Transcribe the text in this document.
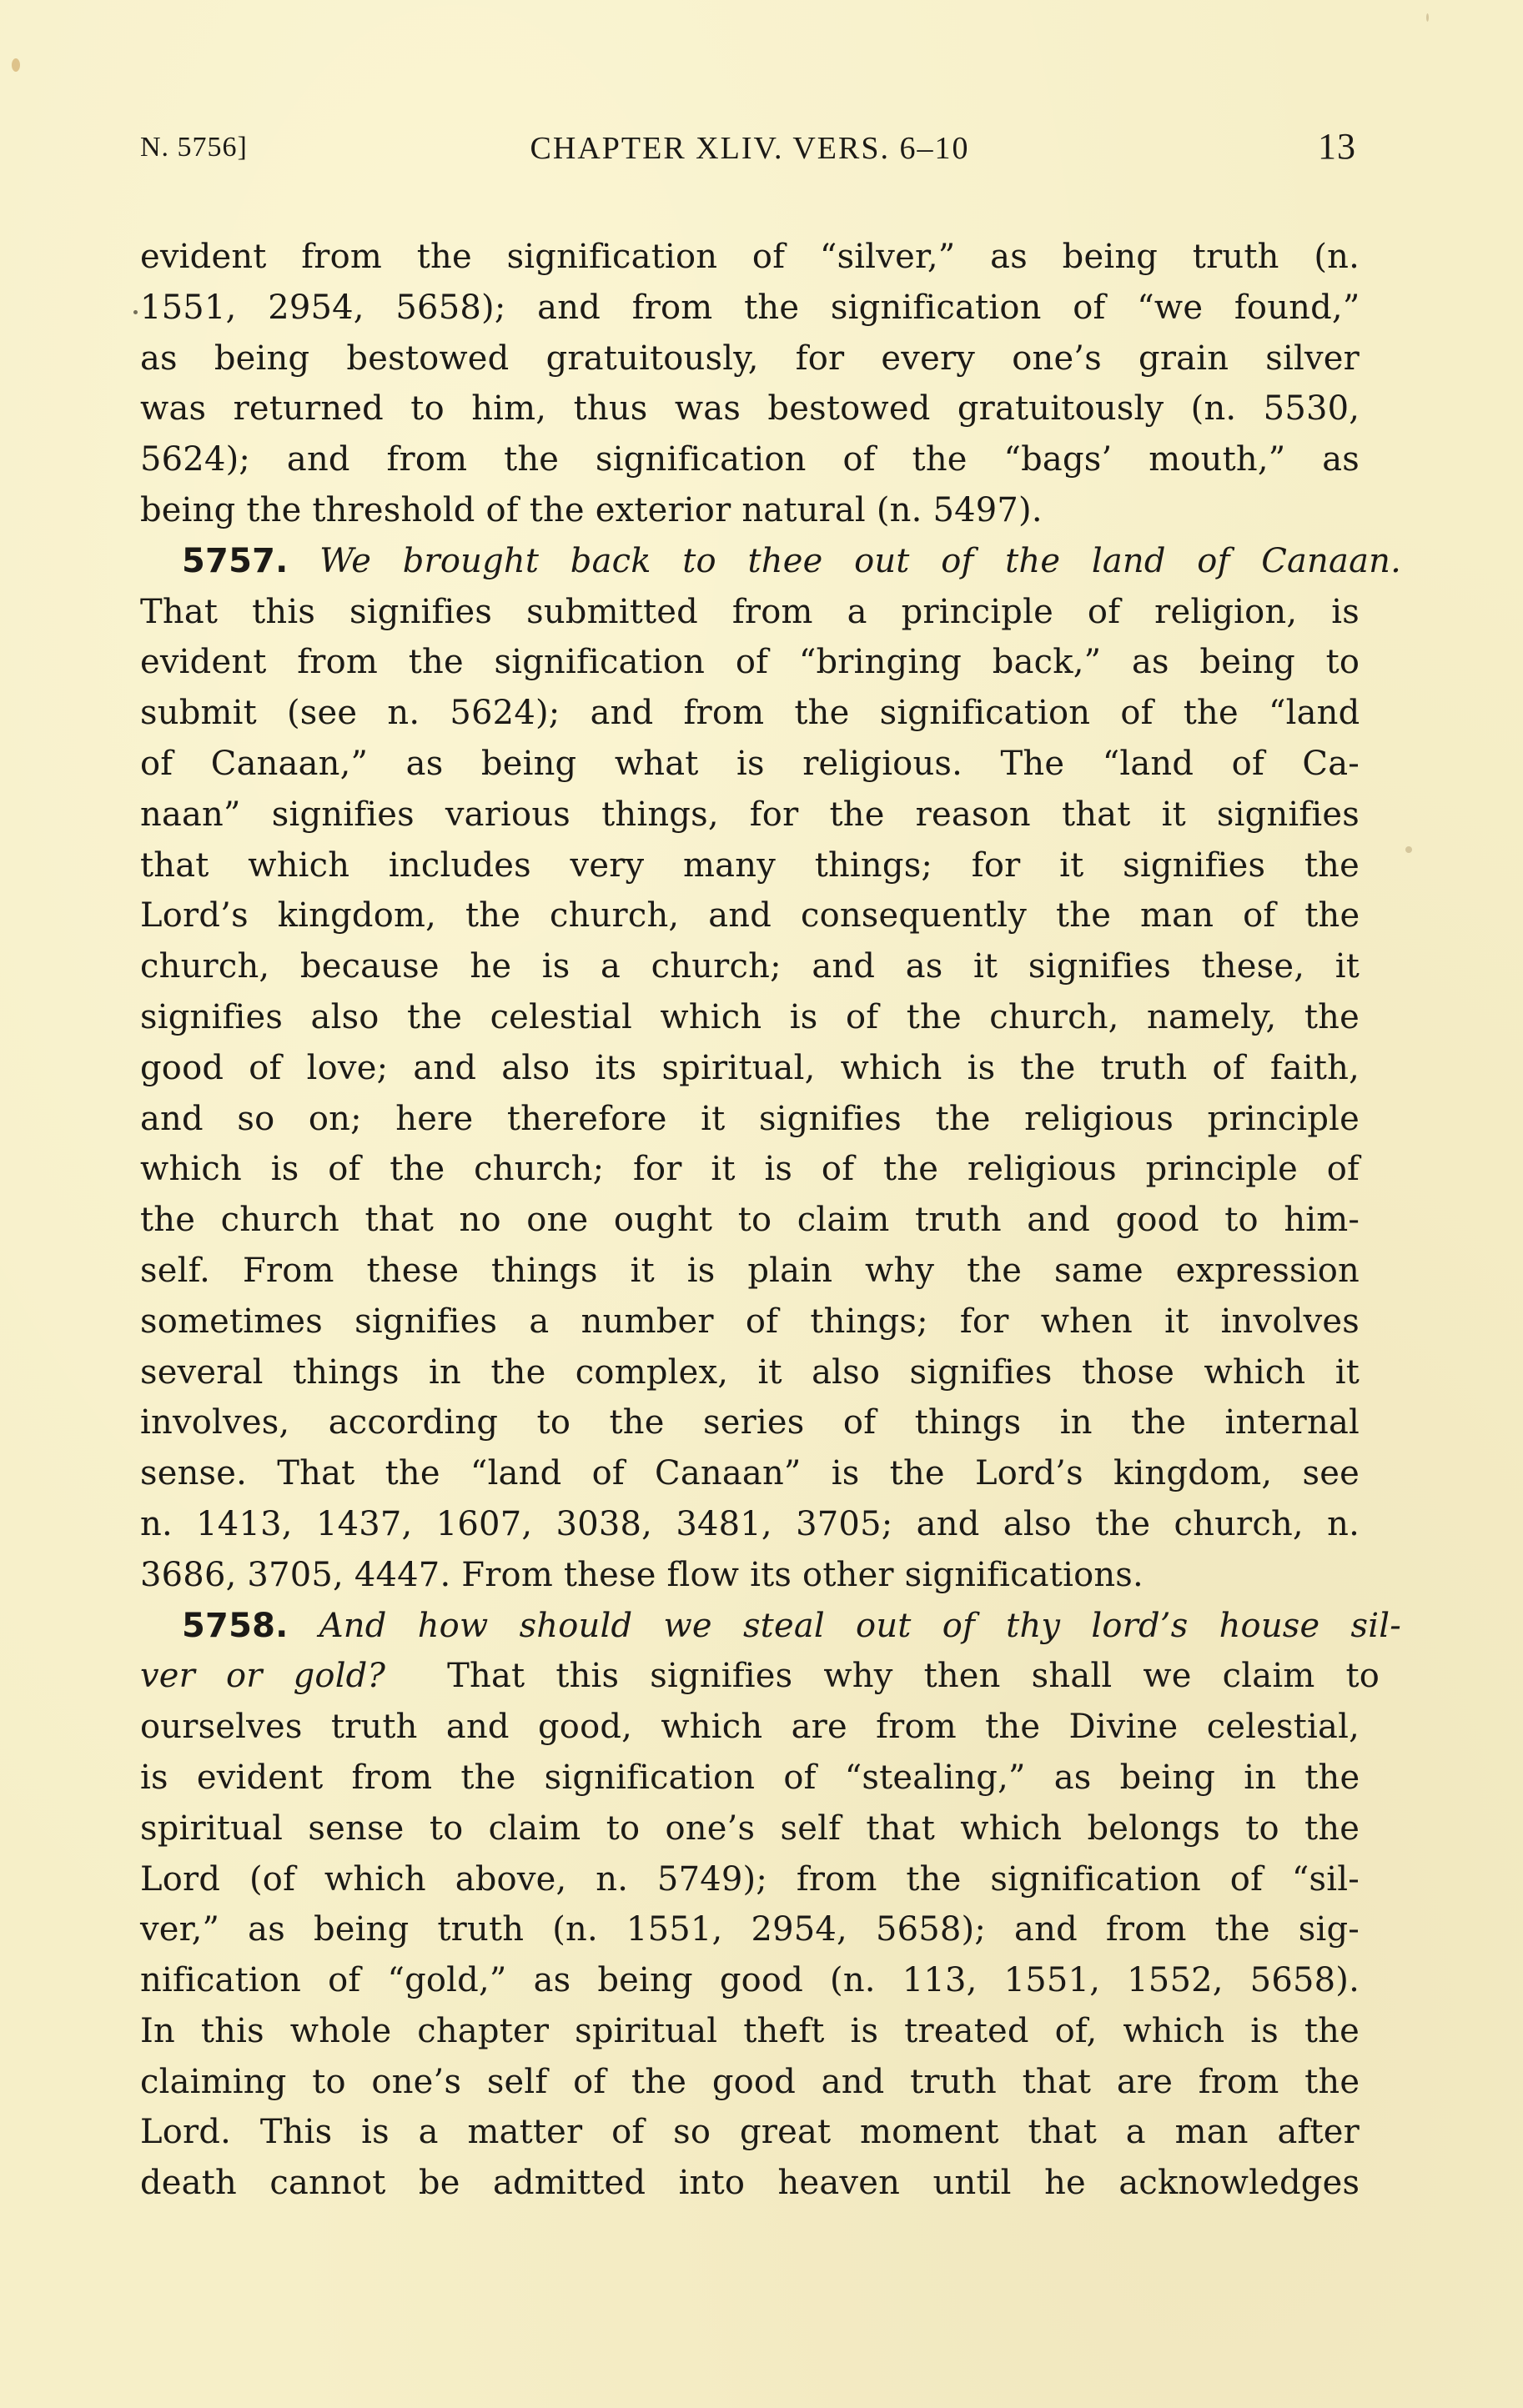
N. 5756]	CHAPTER XLIV. VERS. 6–10	13
evident from the signification of “silver,” as being truth (n.
1551, 2954, 5658); and from the signification of “we found,”
as being bestowed gratuitously, for every one’s grain silver
was returned to him, thus was bestowed gratuitously (n. 5530,
5624); and from the signification of the “bags’ mouth,” as
being the threshold of the exterior natural (n. 5497).
5757. We brought back to thee out of the land of Canaan.
That this signifies submitted from a principle of religion, is
evident from the signification of “bringing back,” as being to
submit (see n. 5624); and from the signification of the “land
of Canaan,” as being what is religious. The “land of Ca-
naan” signifies various things, for the reason that it signifies
that which includes very many things; for it signifies the
Lord’s kingdom, the church, and consequently the man of the
church, because he is a church; and as it signifies these, it
signifies also the celestial which is of the church, namely, the
good of love; and also its spiritual, which is the truth of faith,
and so on; here therefore it signifies the religious principle
which is of the church; for it is of the religious principle of
the church that no one ought to claim truth and good to him-
self. From these things it is plain why the same expression
sometimes signifies a number of things; for when it involves
several things in the complex, it also signifies those which it
involves, according to the series of things in the internal
sense. That the “land of Canaan” is the Lord’s kingdom, see
n. 1413, 1437, 1607, 3038, 3481, 3705; and also the church, n.
3686, 3705, 4447. From these flow its other significations.
5758. And how should we steal out of thy lord’s house sil-
ver or gold? That this signifies why then shall we claim to
ourselves truth and good, which are from the Divine celestial,
is evident from the signification of “stealing,” as being in the
spiritual sense to claim to one’s self that which belongs to the
Lord (of which above, n. 5749); from the signification of “sil-
ver,” as being truth (n. 1551, 2954, 5658); and from the sig-
nification of “gold,” as being good (n. 113, 1551, 1552, 5658).
In this whole chapter spiritual theft is treated of, which is the
claiming to one’s self of the good and truth that are from the
Lord. This is a matter of so great moment that a man after
death cannot be admitted into heaven until he acknowledges
